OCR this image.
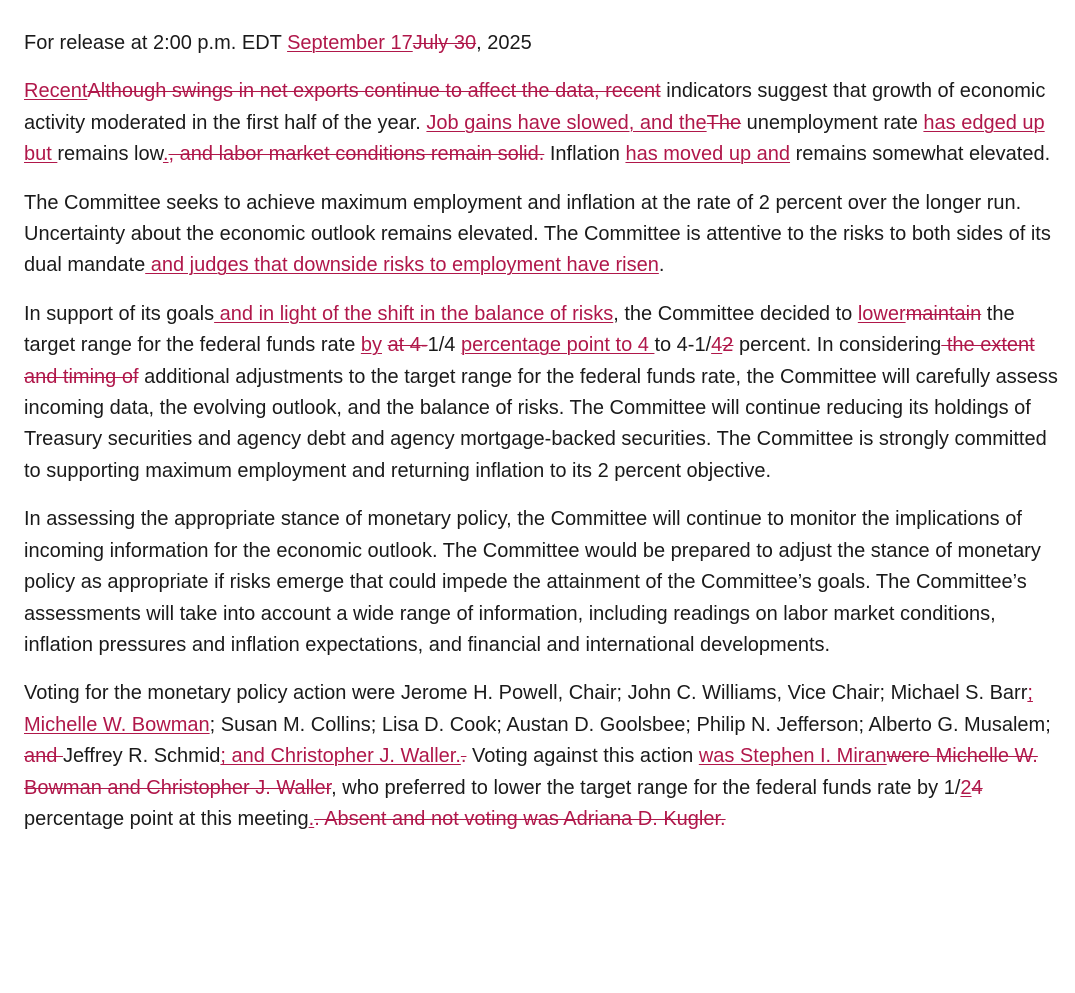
For release at 2:00 p.m. EDT September 17July 30, 2025

RecentAlthough swings in net exports continue to affect the data, recent indicators suggest that growth of economic activity moderated in the first half of the year. Job gains have slowed, and theThe unemployment rate has edged up but remains low., and labor market conditions remain solid. Inflation has moved up and remains somewhat elevated.

The Committee seeks to achieve maximum employment and inflation at the rate of 2 percent over the longer run. Uncertainty about the economic outlook remains elevated. The Committee is attentive to the risks to both sides of its dual mandate and judges that downside risks to employment have risen.

In support of its goals and in light of the shift in the balance of risks, the Committee decided to lowermaintain the target range for the federal funds rate by at 4-1/4 percentage point to 4 to 4-1/42 percent. In considering the extent and timing of additional adjustments to the target range for the federal funds rate, the Committee will carefully assess incoming data, the evolving outlook, and the balance of risks. The Committee will continue reducing its holdings of Treasury securities and agency debt and agency mortgage-backed securities. The Committee is strongly committed to supporting maximum employment and returning inflation to its 2 percent objective.

In assessing the appropriate stance of monetary policy, the Committee will continue to monitor the implications of incoming information for the economic outlook. The Committee would be prepared to adjust the stance of monetary policy as appropriate if risks emerge that could impede the attainment of the Committee’s goals. The Committee’s assessments will take into account a wide range of information, including readings on labor market conditions, inflation pressures and inflation expectations, and financial and international developments.

Voting for the monetary policy action were Jerome H. Powell, Chair; John C. Williams, Vice Chair; Michael S. Barr; Michelle W. Bowman; Susan M. Collins; Lisa D. Cook; Austan D. Goolsbee; Philip N. Jefferson; Alberto G. Musalem; and Jeffrey R. Schmid; and Christopher J. Waller.. Voting against this action was Stephen I. Miranwere Michelle W. Bowman and Christopher J. Waller, who preferred to lower the target range for the federal funds rate by 1/24 percentage point at this meeting.. Absent and not voting was Adriana D. Kugler.
